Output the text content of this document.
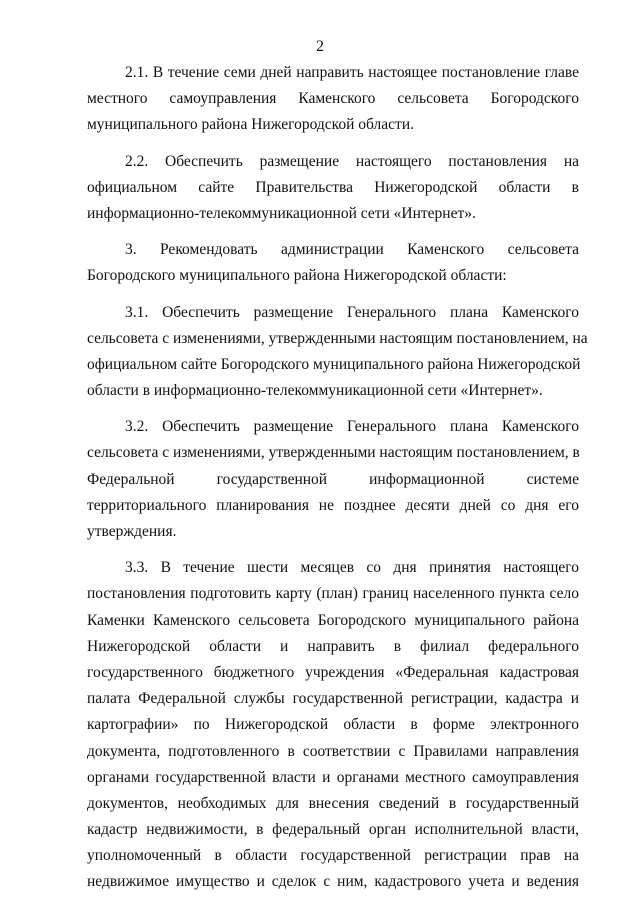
2
2.1. В течение семи дней направить настоящее постановление главе
местного самоуправления Каменского сельсовета Богородского
муниципального района Нижегородской области.
2.2. Обеспечить размещение настоящего постановления на
официальном сайте Правительства Нижегородской области в
информационно-телекоммуникационной сети «Интернет».
3. Рекомендовать администрации Каменского сельсовета
Богородского муниципального района Нижегородской области:
3.1. Обеспечить размещение Генерального плана Каменского
сельсовета с изменениями, утвержденными настоящим постановлением, на
официальном сайте Богородского муниципального района Нижегородской
области в информационно-телекоммуникационной сети «Интернет».
3.2. Обеспечить размещение Генерального плана Каменского
сельсовета с изменениями, утвержденными настоящим постановлением, в
Федеральной государственной информационной системе
территориального планирования не позднее десяти дней со дня его
утверждения.
3.3. В течение шести месяцев со дня принятия настоящего
постановления подготовить карту (план) границ населенного пункта село
Каменки Каменского сельсовета Богородского муниципального района
Нижегородской области и направить в филиал федерального
государственного бюджетного учреждения «Федеральная кадастровая
палата Федеральной службы государственной регистрации, кадастра и
картографии» по Нижегородской области в форме электронного
документа, подготовленного в соответствии с Правилами направления
органами государственной власти и органами местного самоуправления
документов, необходимых для внесения сведений в государственный
кадастр недвижимости, в федеральный орган исполнительной власти,
уполномоченный в области государственной регистрации прав на
недвижимое имущество и сделок с ним, кадастрового учета и ведения
